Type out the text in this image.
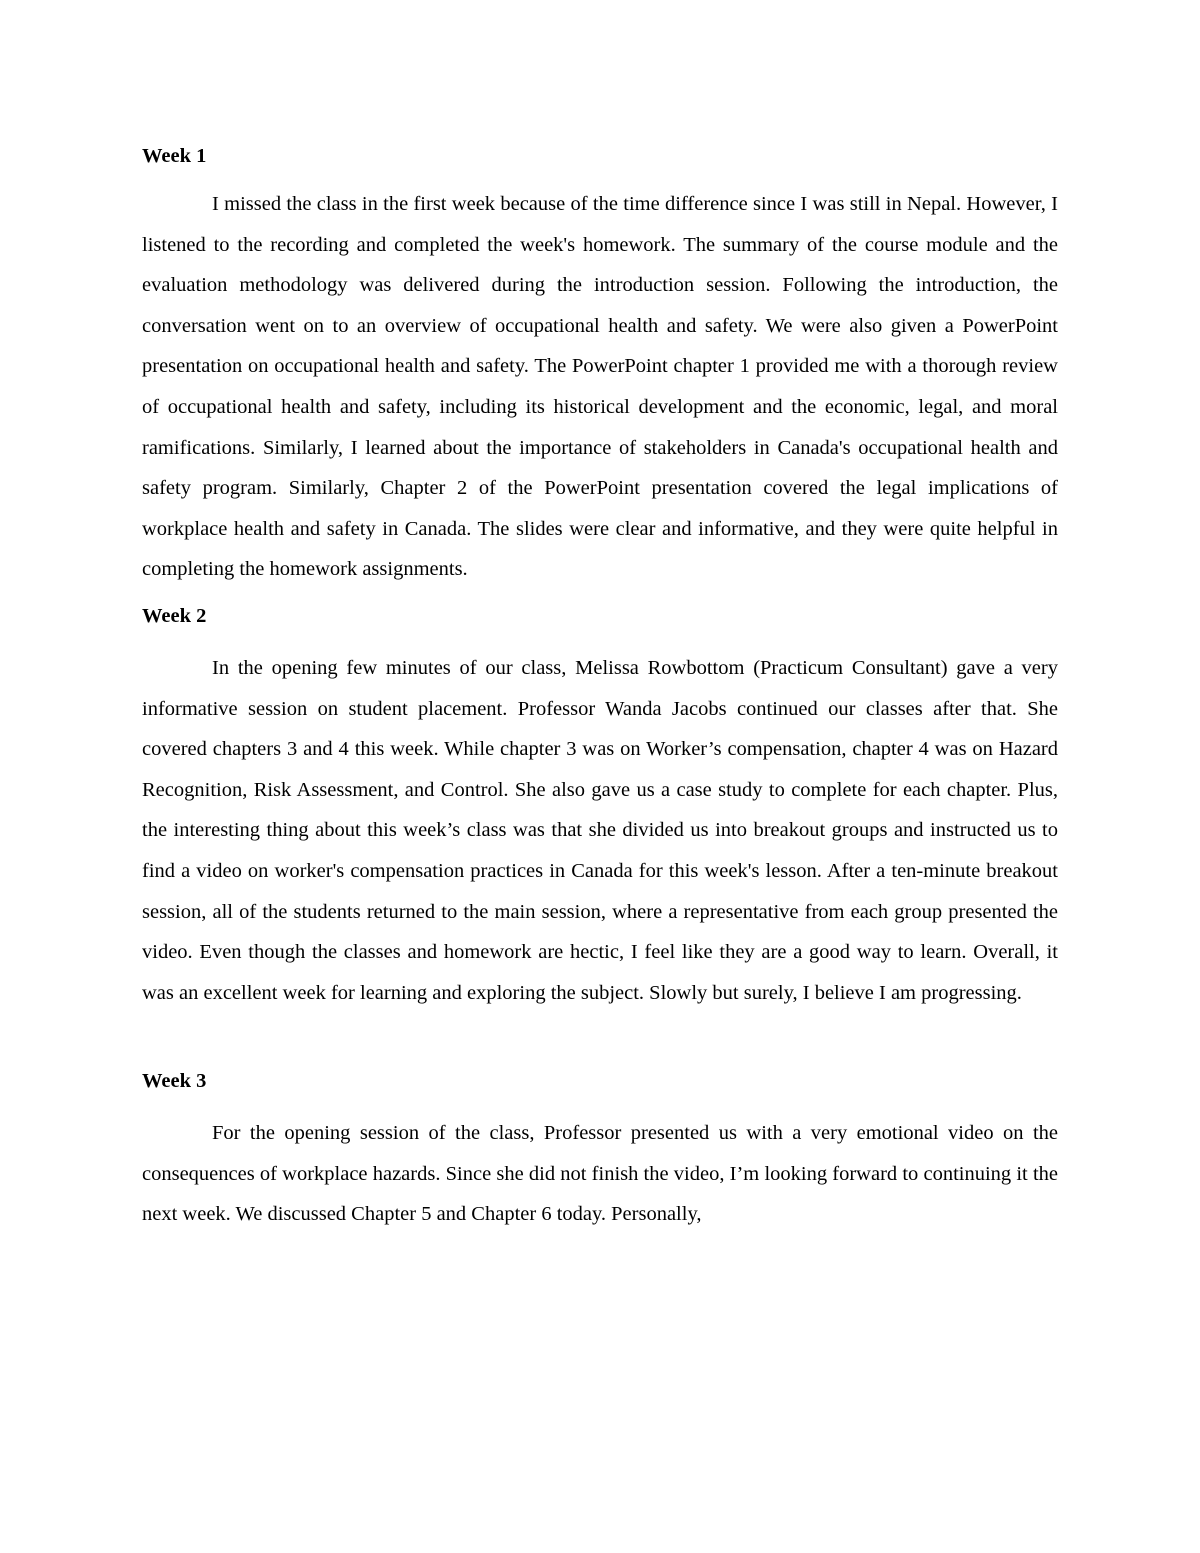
Week 1

I missed the class in the first week because of the time difference since I was still in Nepal. However, I listened to the recording and completed the week's homework. The summary of the course module and the evaluation methodology was delivered during the introduction session. Following the introduction, the conversation went on to an overview of occupational health and safety. We were also given a PowerPoint presentation on occupational health and safety. The PowerPoint chapter 1 provided me with a thorough review of occupational health and safety, including its historical development and the economic, legal, and moral ramifications. Similarly, I learned about the importance of stakeholders in Canada's occupational health and safety program. Similarly, Chapter 2 of the PowerPoint presentation covered the legal implications of workplace health and safety in Canada. The slides were clear and informative, and they were quite helpful in completing the homework assignments.

Week 2

In the opening few minutes of our class, Melissa Rowbottom (Practicum Consultant) gave a very informative session on student placement. Professor Wanda Jacobs continued our classes after that. She covered chapters 3 and 4 this week. While chapter 3 was on Worker’s compensation, chapter 4 was on Hazard Recognition, Risk Assessment, and Control. She also gave us a case study to complete for each chapter. Plus, the interesting thing about this week’s class was that she divided us into breakout groups and instructed us to find a video on worker's compensation practices in Canada for this week's lesson. After a ten-minute breakout session, all of the students returned to the main session, where a representative from each group presented the video. Even though the classes and homework are hectic, I feel like they are a good way to learn. Overall, it was an excellent week for learning and exploring the subject. Slowly but surely, I believe I am progressing.

Week 3

For the opening session of the class, Professor presented us with a very emotional video on the consequences of workplace hazards. Since she did not finish the video, I’m looking forward to continuing it the next week. We discussed Chapter 5 and Chapter 6 today. Personally,
